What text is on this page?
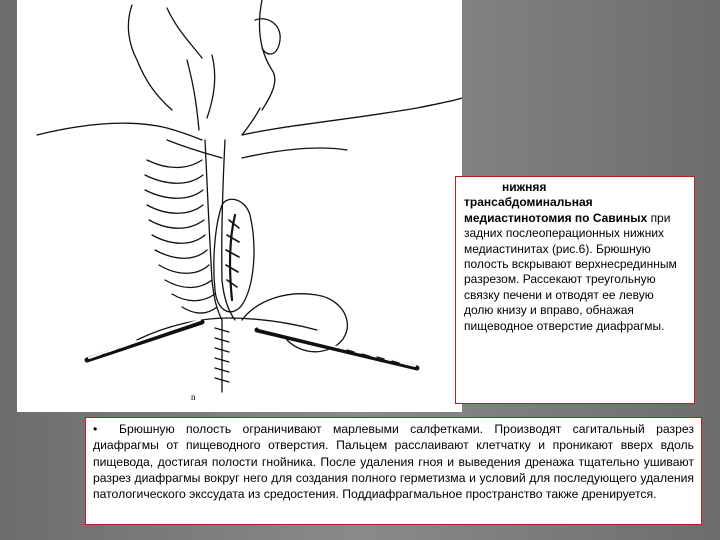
n
нижняя
трансабдоминальная медиастинотомия по Савиных при задних послеоперационных нижних медиастинитах (рис.6). Брюшную полость вскрывают верхнесрединным разрезом. Рассекают треугольную связку печени и отводят ее левую долю книзу и вправо, обнажая пищеводное отверстие диафрагмы.
• Брюшную полость ограничивают марлевыми салфетками. Производят сагитальный разрез диафрагмы от пищеводного отверстия. Пальцем расслаивают клетчатку и проникают вверх вдоль пищевода, достигая полости гнойника. После удаления гноя и выведения дренажа тщательно ушивают разрез диафрагмы вокруг него для создания полного герметизма и условий для последующего удаления патологического экссудата из средостения. Поддиафрагмальное пространство также дренируется.
